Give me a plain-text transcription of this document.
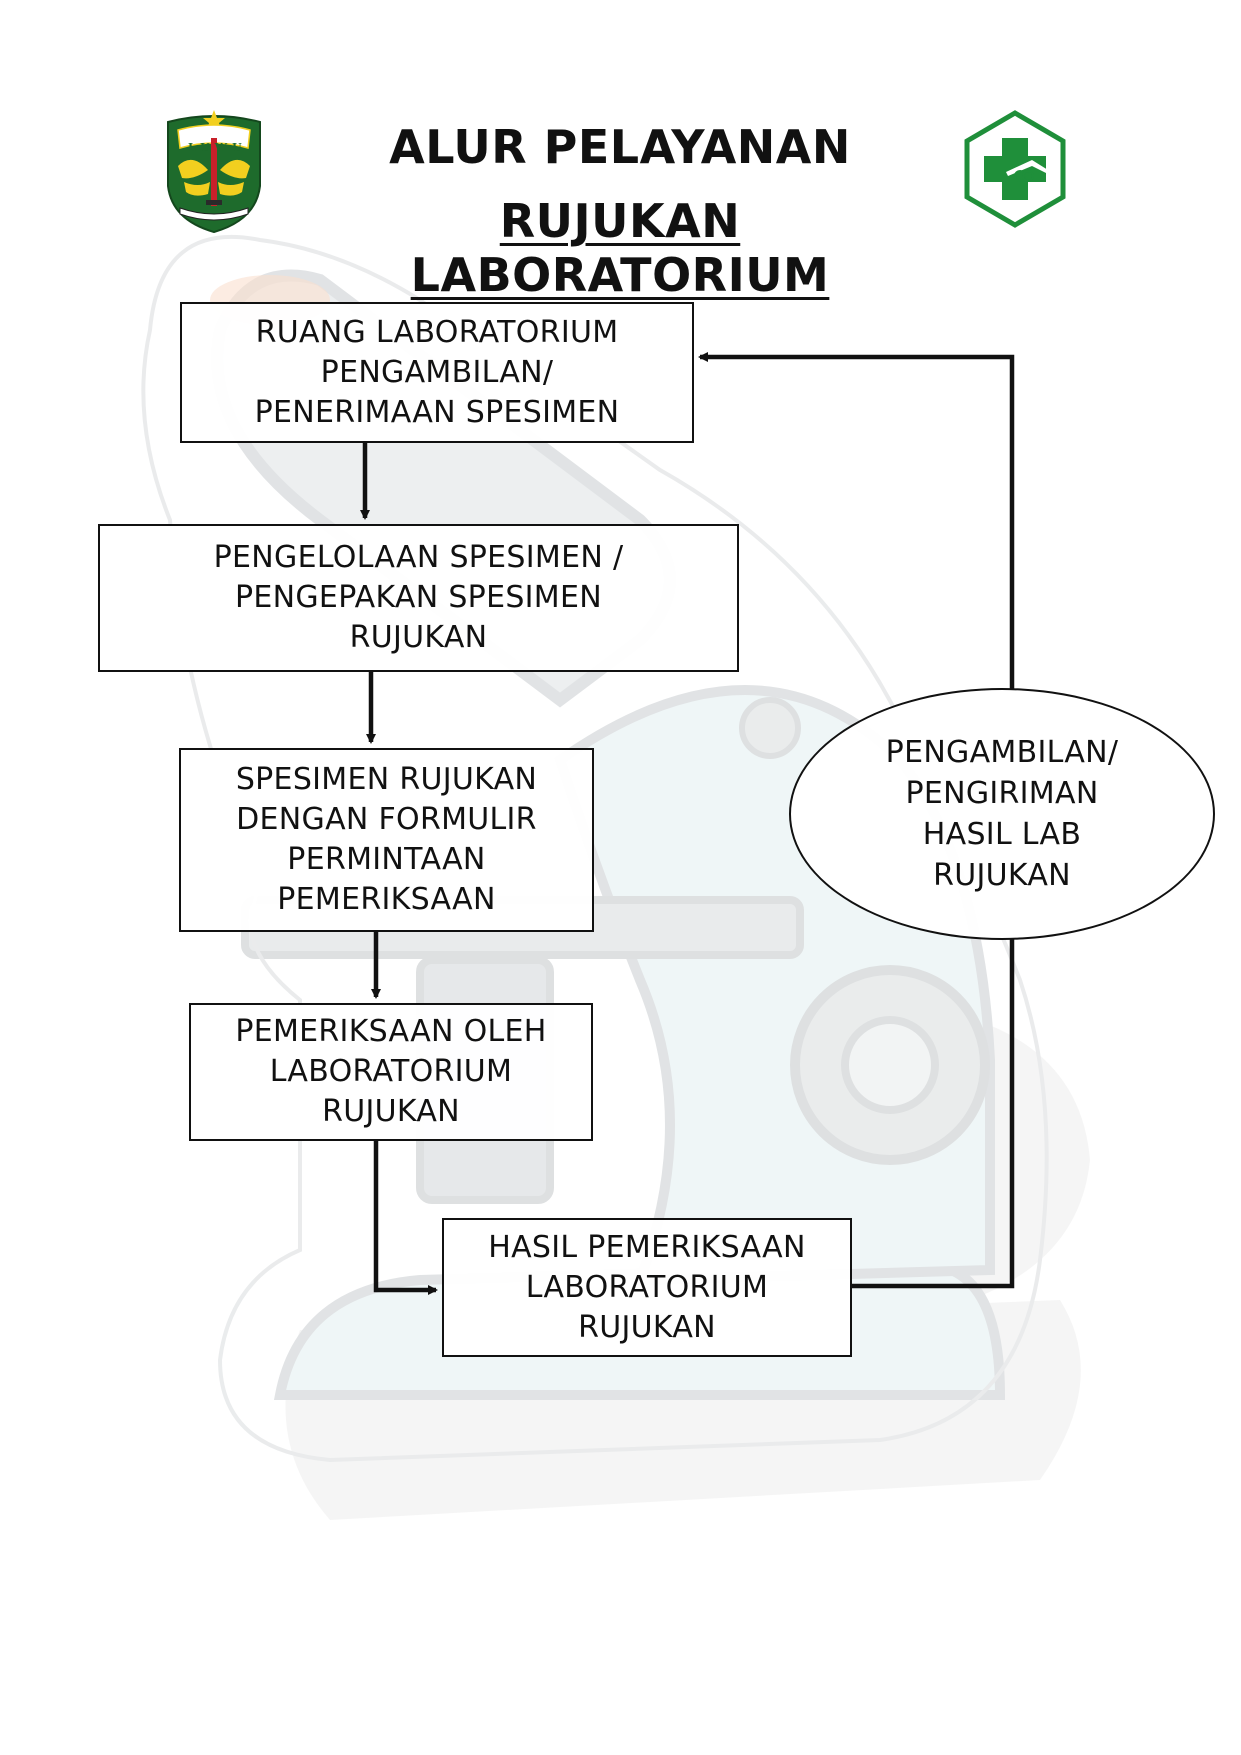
LUWU	ALUR PELAYANAN
RUJUKAN LABORATORIUM
RUANG LABORATORIUM
PENGAMBILAN/
PENERIMAAN SPESIMEN
PENGELOLAAN SPESIMEN /
PENGEPAKAN SPESIMEN
RUJUKAN
SPESIMEN RUJUKAN
DENGAN FORMULIR
PERMINTAAN
PEMERIKSAAN
PEMERIKSAAN OLEH
LABORATORIUM
RUJUKAN
HASIL PEMERIKSAAN
LABORATORIUM
RUJUKAN
PENGAMBILAN/
PENGIRIMAN
HASIL LAB
RUJUKAN
